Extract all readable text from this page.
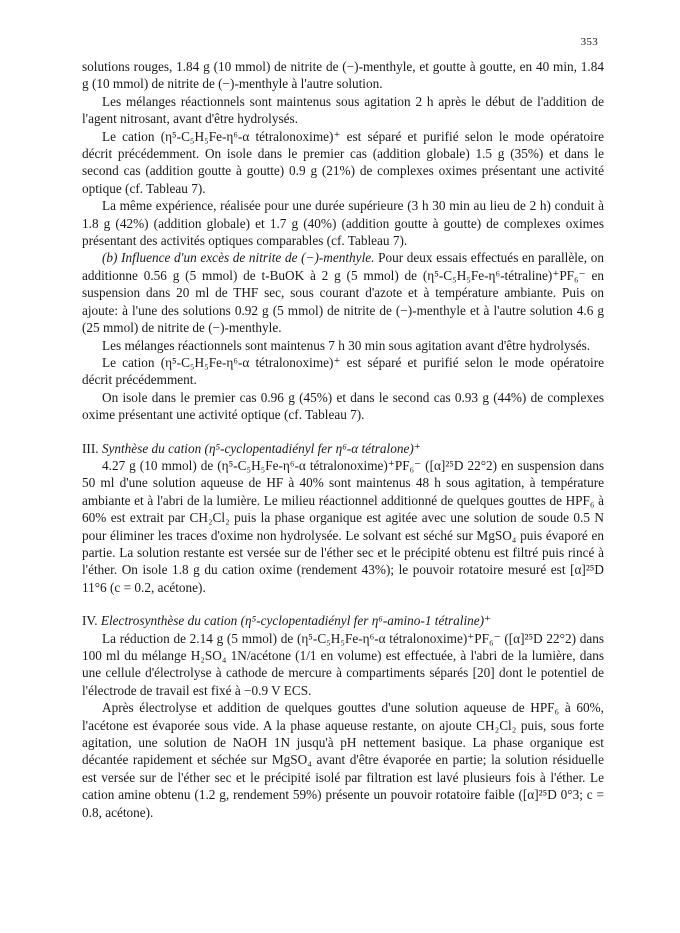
353

solutions rouges, 1.84 g (10 mmol) de nitrite de (−)-menthyle, et goutte à goutte, en 40 min, 1.84 g (10 mmol) de nitrite de (−)-menthyle à l'autre solution.

Les mélanges réactionnels sont maintenus sous agitation 2 h après le début de l'addition de l'agent nitrosant, avant d'être hydrolysés.

Le cation (η⁵-C₅H₅Fe-η⁶-α tétralonoxime)⁺ est séparé et purifié selon le mode opératoire décrit précédemment. On isole dans le premier cas (addition globale) 1.5 g (35%) et dans le second cas (addition goutte à goutte) 0.9 g (21%) de complexes oximes présentant une activité optique (cf. Tableau 7).

La même expérience, réalisée pour une durée supérieure (3 h 30 min au lieu de 2 h) conduit à 1.8 g (42%) (addition globale) et 1.7 g (40%) (addition goutte à goutte) de complexes oximes présentant des activités optiques comparables (cf. Tableau 7).

(b) Influence d'un excès de nitrite de (−)-menthyle. Pour deux essais effectués en parallèle, on additionne 0.56 g (5 mmol) de t-BuOK à 2 g (5 mmol) de (η⁵-C₅H₅Fe-η⁶-tétraline)⁺PF₆⁻ en suspension dans 20 ml de THF sec, sous courant d'azote et à température ambiante. Puis on ajoute: à l'une des solutions 0.92 g (5 mmol) de nitrite de (−)-menthyle et à l'autre solution 4.6 g (25 mmol) de nitrite de (−)-menthyle.

Les mélanges réactionnels sont maintenus 7 h 30 min sous agitation avant d'être hydrolysés.

Le cation (η⁵-C₅H₅Fe-η⁶-α tétralonoxime)⁺ est séparé et purifié selon le mode opératoire décrit précédemment.

On isole dans le premier cas 0.96 g (45%) et dans le second cas 0.93 g (44%) de complexes oxime présentant une activité optique (cf. Tableau 7).

III. Synthèse du cation (η⁵-cyclopentadiényl fer η⁶-α tétralone)⁺

4.27 g (10 mmol) de (η⁵-C₅H₅Fe-η⁶-α tétralonoxime)⁺PF₆⁻ ([α]²⁵D 22°2) en suspension dans 50 ml d'une solution aqueuse de HF à 40% sont maintenus 48 h sous agitation, à température ambiante et à l'abri de la lumière. Le milieu réactionnel additionné de quelques gouttes de HPF₆ à 60% est extrait par CH₂Cl₂ puis la phase organique est agitée avec une solution de soude 0.5 N pour éliminer les traces d'oxime non hydrolysée. Le solvant est séché sur MgSO₄ puis évaporé en partie. La solution restante est versée sur de l'éther sec et le précipité obtenu est filtré puis rincé à l'éther. On isole 1.8 g du cation oxime (rendement 43%); le pouvoir rotatoire mesuré est [α]²⁵D 11°6 (c = 0.2, acétone).

IV. Electrosynthèse du cation (η⁵-cyclopentadiényl fer η⁶-amino-1 tétraline)⁺

La réduction de 2.14 g (5 mmol) de (η⁵-C₅H₅Fe-η⁶-α tétralonoxime)⁺PF₆⁻ ([α]²⁵D 22°2) dans 100 ml du mélange H₂SO₄ 1N/acétone (1/1 en volume) est effectuée, à l'abri de la lumière, dans une cellule d'électrolyse à cathode de mercure à compartiments séparés [20] dont le potentiel de l'électrode de travail est fixé à −0.9 V ECS.

Après électrolyse et addition de quelques gouttes d'une solution aqueuse de HPF₆ à 60%, l'acétone est évaporée sous vide. A la phase aqueuse restante, on ajoute CH₂Cl₂ puis, sous forte agitation, une solution de NaOH 1N jusqu'à pH nettement basique. La phase organique est décantée rapidement et séchée sur MgSO₄ avant d'être évaporée en partie; la solution résiduelle est versée sur de l'éther sec et le précipité isolé par filtration est lavé plusieurs fois à l'éther. Le cation amine obtenu (1.2 g, rendement 59%) présente un pouvoir rotatoire faible ([α]²⁵D 0°3; c = 0.8, acétone).
